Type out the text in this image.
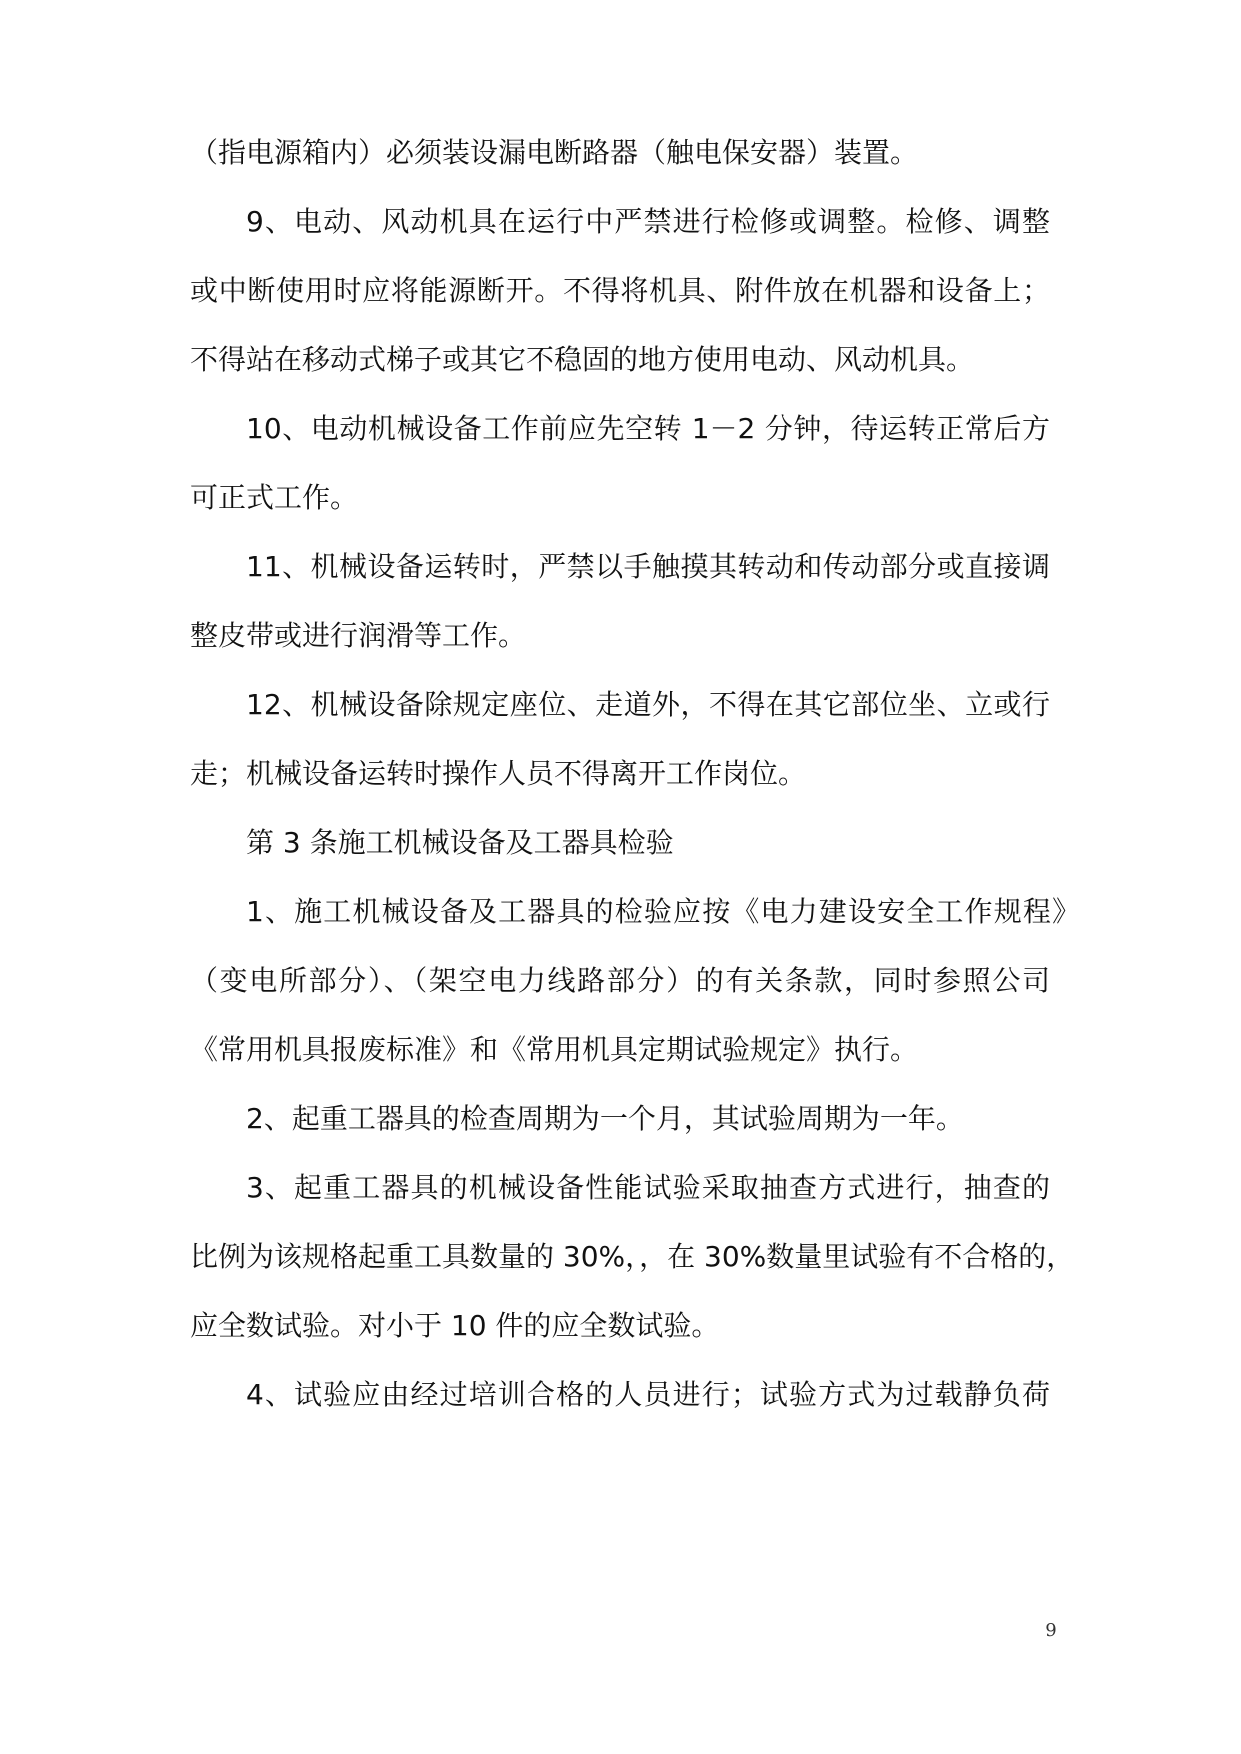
（指电源箱内）必须装设漏电断路器（触电保安器）装置。
9、电动、风动机具在运行中严禁进行检修或调整。检修、调整
或中断使用时应将能源断开。不得将机具、附件放在机器和设备上；
不得站在移动式梯子或其它不稳固的地方使用电动、风动机具。
10、电动机械设备工作前应先空转 1－2 分钟，待运转正常后方
可正式工作。
11、机械设备运转时，严禁以手触摸其转动和传动部分或直接调
整皮带或进行润滑等工作。
12、机械设备除规定座位、走道外，不得在其它部位坐、立或行
走；机械设备运转时操作人员不得离开工作岗位。
第 3 条施工机械设备及工器具检验
1、施工机械设备及工器具的检验应按《电力建设安全工作规程》
（变电所部分）、（架空电力线路部分）的有关条款，同时参照公司
《常用机具报废标准》和《常用机具定期试验规定》执行。
2、起重工器具的检查周期为一个月，其试验周期为一年。
3、起重工器具的机械设备性能试验采取抽查方式进行，抽查的
比例为该规格起重工具数量的 30%，，在 30%数量里试验有不合格的，
应全数试验。对小于 10 件的应全数试验。
4、试验应由经过培训合格的人员进行；试验方式为过载静负荷
9
